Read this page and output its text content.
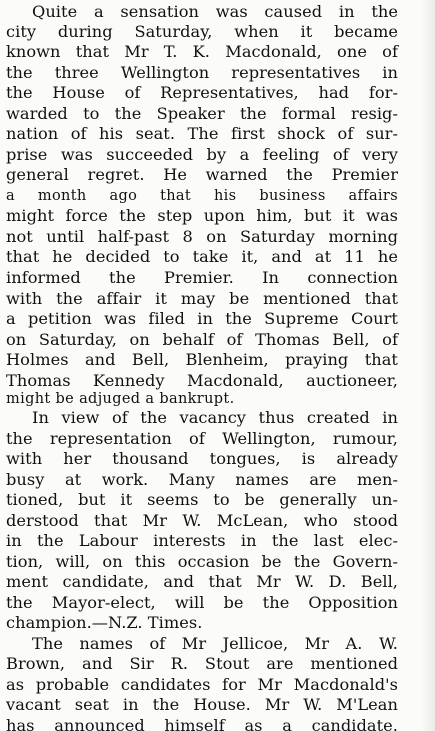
Quite a sensation was caused in the
city during Saturday, when it became
known that Mr T. K. Macdonald, one of
the three Wellington representatives in
the House of Representatives, had for-
warded to the Speaker the formal resig-
nation of his seat. The first shock of sur-
prise was succeeded by a feeling of very
general regret. He warned the Premier
a month ago that his business affairs
might force the step upon him, but it was
not until half-past 8 on Saturday morning
that he decided to take it, and at 11 he
informed the Premier. In connection
with the affair it may be mentioned that
a petition was filed in the Supreme Court
on Saturday, on behalf of Thomas Bell, of
Holmes and Bell, Blenheim, praying that
Thomas Kennedy Macdonald, auctioneer,
might be adjuged a bankrupt.
In view of the vacancy thus created in
the representation of Wellington, rumour,
with her thousand tongues, is already
busy at work. Many names are men-
tioned, but it seems to be generally un-
derstood that Mr W. McLean, who stood
in the Labour interests in the last elec-
tion, will, on this occasion be the Govern-
ment candidate, and that Mr W. D. Bell,
the Mayor-elect, will be the Opposition
champion.—N.Z. Times.
The names of Mr Jellicoe, Mr A. W.
Brown, and Sir R. Stout are mentioned
as probable candidates for Mr Macdonald's
vacant seat in the House. Mr W. M'Lean
has announced himself as a candidate.
